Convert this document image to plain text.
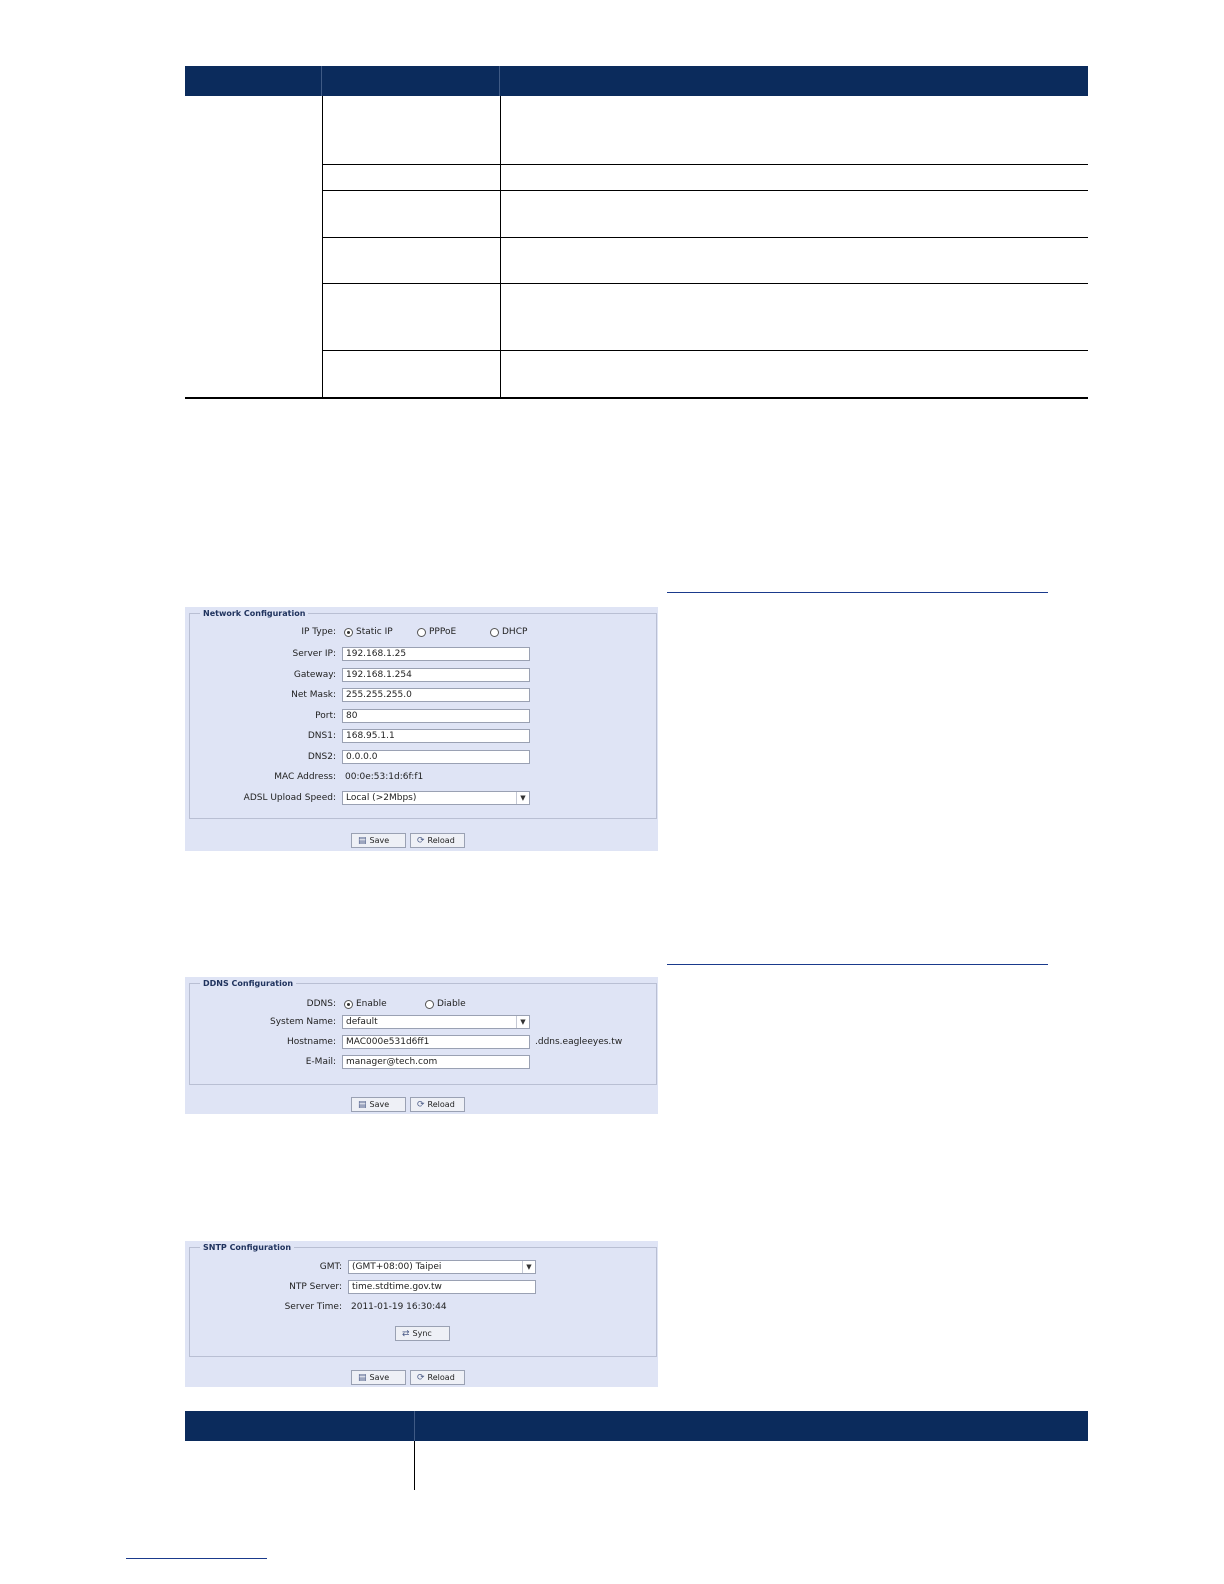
Network Configuration
IP Type: Static IP	PPPoE	DHCP
Server IP:	192.168.1.25
Gateway:	192.168.1.254
Net Mask:	255.255.255.0
Port:	80
DNS1:	168.95.1.1
DNS2:	0.0.0.0
MAC Address: 00:0e:53:1d:6f:f1
ADSL Upload Speed:	Local (>2Mbps)	▼
▤ Save	⟳ Reload
DDNS Configuration
DDNS: Enable	Diable
System Name:	default	▼
Hostname:	MAC000e531d6ff1	.ddns.eagleeyes.tw
E-Mail:	manager@tech.com
▤ Save	⟳ Reload
SNTP Configuration
GMT:	(GMT+08:00) Taipei	▼
NTP Server:	time.stdtime.gov.tw
Server Time: 2011-01-19 16:30:44
⇄ Sync
▤ Save	⟳ Reload
